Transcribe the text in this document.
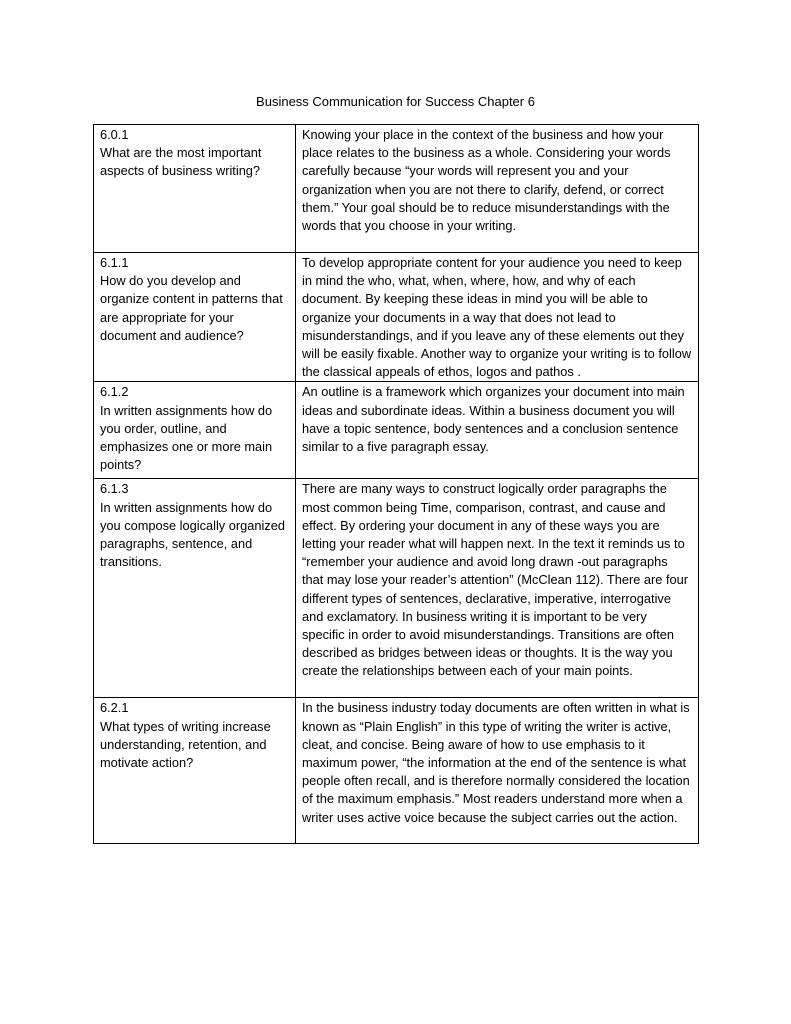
Business Communication for Success Chapter 6
6.0.1
What are the most important aspects of business writing?	Knowing your place in the context of the business and how your place relates to the business as a whole. Considering your words carefully because “your words will represent you and your organization when you are not there to clarify, defend, or correct them.” Your goal should be to reduce misunderstandings with the words that you choose in your writing.

6.1.1
How do you develop and organize content in patterns that are appropriate for your document and audience?	To develop appropriate content for your audience you need to keep in mind the who, what, when, where, how, and why of each document. By keeping these ideas in mind you will be able to organize your documents in a way that does not lead to misunderstandings, and if you leave any of these elements out they will be easily fixable. Another way to organize your writing is to follow the classical appeals of ethos, logos and pathos .

6.1.2
In written assignments how do you order, outline, and emphasizes one or more main points?	An outline is a framework which organizes your document into main ideas and subordinate ideas. Within a business document you will have a topic sentence, body sentences and a conclusion sentence similar to a five paragraph essay.

6.1.3
In written assignments how do you compose logically organized paragraphs, sentence, and transitions.	There are many ways to construct logically order paragraphs the most common being Time, comparison, contrast, and cause and effect. By ordering your document in any of these ways you are letting your reader what will happen next. In the text it reminds us to “remember your audience and avoid long drawn -out paragraphs that may lose your reader’s attention” (McClean 112). There are four different types of sentences, declarative, imperative, interrogative and exclamatory. In business writing it is important to be very specific in order to avoid misunderstandings. Transitions are often described as bridges between ideas or thoughts. It is the way you create the relationships between each of your main points.

6.2.1
What types of writing increase understanding, retention, and motivate action?	In the business industry today documents are often written in what is known as “Plain English” in this type of writing the writer is active, cleat, and concise. Being aware of how to use emphasis to it maximum power, “the information at the end of the sentence is what people often recall, and is therefore normally considered the location of the maximum emphasis.” Most readers understand more when a writer uses active voice because the subject carries out the action.
